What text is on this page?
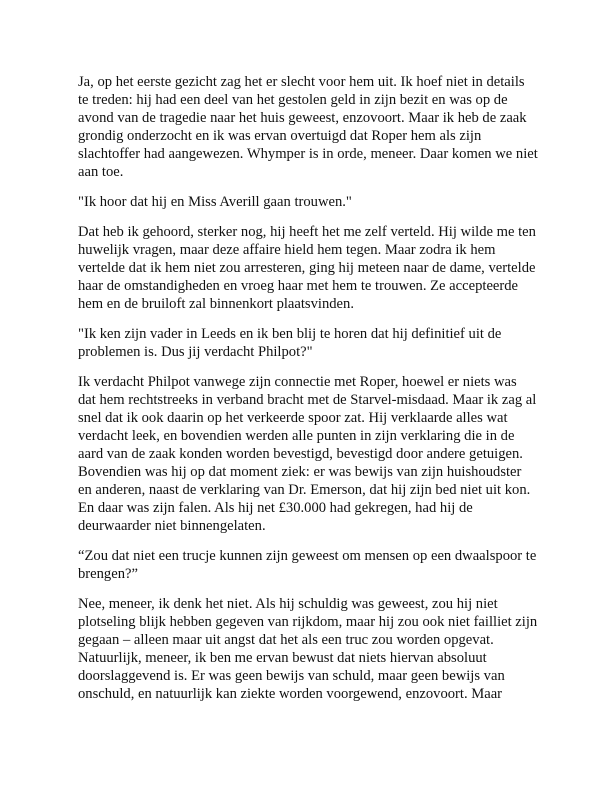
Ja, op het eerste gezicht zag het er slecht voor hem uit. Ik hoef niet in details te treden: hij had een deel van het gestolen geld in zijn bezit en was op de avond van de tragedie naar het huis geweest, enzovoort. Maar ik heb de zaak grondig onderzocht en ik was ervan overtuigd dat Roper hem als zijn slachtoffer had aangewezen. Whymper is in orde, meneer. Daar komen we niet aan toe.

"Ik hoor dat hij en Miss Averill gaan trouwen."

Dat heb ik gehoord, sterker nog, hij heeft het me zelf verteld. Hij wilde me ten huwelijk vragen, maar deze affaire hield hem tegen. Maar zodra ik hem vertelde dat ik hem niet zou arresteren, ging hij meteen naar de dame, vertelde haar de omstandigheden en vroeg haar met hem te trouwen. Ze accepteerde hem en de bruiloft zal binnenkort plaatsvinden.

"Ik ken zijn vader in Leeds en ik ben blij te horen dat hij definitief uit de problemen is. Dus jij verdacht Philpot?"

Ik verdacht Philpot vanwege zijn connectie met Roper, hoewel er niets was dat hem rechtstreeks in verband bracht met de Starvel-misdaad. Maar ik zag al snel dat ik ook daarin op het verkeerde spoor zat. Hij verklaarde alles wat verdacht leek, en bovendien werden alle punten in zijn verklaring die in de aard van de zaak konden worden bevestigd, bevestigd door andere getuigen. Bovendien was hij op dat moment ziek: er was bewijs van zijn huishoudster en anderen, naast de verklaring van Dr. Emerson, dat hij zijn bed niet uit kon. En daar was zijn falen. Als hij net £30.000 had gekregen, had hij de deurwaarder niet binnengelaten.

“Zou dat niet een trucje kunnen zijn geweest om mensen op een dwaalspoor te brengen?”

Nee, meneer, ik denk het niet. Als hij schuldig was geweest, zou hij niet plotseling blijk hebben gegeven van rijkdom, maar hij zou ook niet failliet zijn gegaan – alleen maar uit angst dat het als een truc zou worden opgevat. Natuurlijk, meneer, ik ben me ervan bewust dat niets hiervan absoluut doorslaggevend is. Er was geen bewijs van schuld, maar geen bewijs van onschuld, en natuurlijk kan ziekte worden voorgewend, enzovoort. Maar
